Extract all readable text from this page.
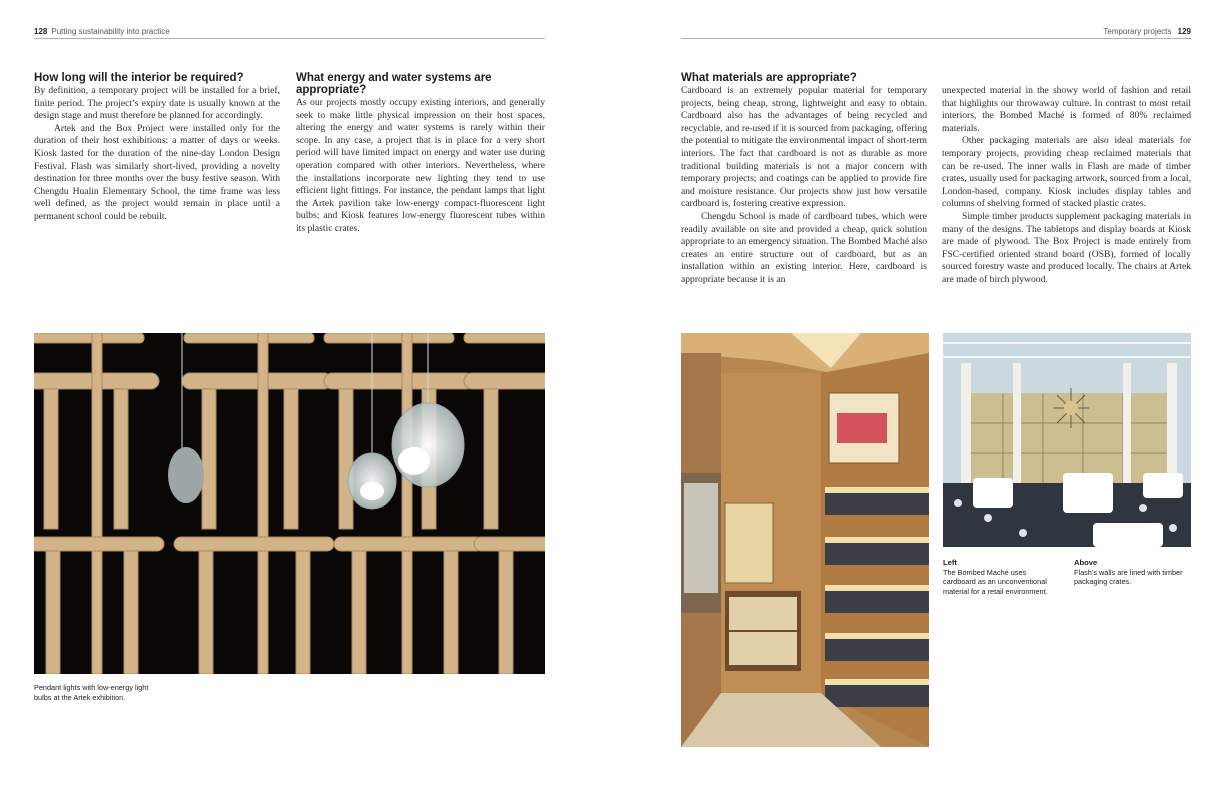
128 Putting sustainability into practice
How long will the interior be required?

By definition, a temporary project will be installed for a brief, finite period. The project’s expiry date is usually known at the design stage and must therefore be planned for accordingly.

Artek and the Box Project were installed only for the duration of their host exhibitions: a matter of days or weeks. Kiosk lasted for the duration of the nine-day London Design Festival. Flash was similarly short-lived, providing a novelty destination for three months over the busy festive season. With Chengdu Hualin Elementary School, the time frame was less well defined, as the project would remain in place until a permanent school could be rebuilt.

What energy and water systems are appropriate?

As our projects mostly occupy existing interiors, and generally seek to make little physical impression on their host spaces, altering the energy and water systems is rarely within their scope. In any case, a project that is in place for a very short period will have limited impact on energy and water use during operation compared with other interiors. Nevertheless, where the installations incorporate new lighting they tend to use efficient light fittings. For instance, the pendant lamps that light the Artek pavilion take low-energy compact-fluorescent light bulbs; and Kiosk features low-energy fluorescent tubes within its plastic crates.

Pendant lights with low-energy light bulbs at the Artek exhibition.
Temporary projects 129
What materials are appropriate?

Cardboard is an extremely popular material for temporary projects, being cheap, strong, lightweight and easy to obtain. Cardboard also has the advantages of being recycled and recyclable, and re-used if it is sourced from packaging, offering the potential to mitigate the environmental impact of short-term interiors. The fact that cardboard is not as durable as more traditional building materials is not a major concern with temporary projects; and coatings can be applied to provide fire and moisture resistance. Our projects show just how versatile cardboard is, fostering creative expression.

Chengdu School is made of cardboard tubes, which were readily available on site and provided a cheap, quick solution appropriate to an emergency situation. The Bombed Maché also creates an entire structure out of cardboard, but as an installation within an existing interior. Here, cardboard is appropriate because it is an

unexpected material in the showy world of fashion and retail that highlights our throwaway culture. In contrast to most retail interiors, the Bombed Maché is formed of 80% reclaimed materials.

Other packaging materials are also ideal materials for temporary projects, providing cheap reclaimed materials that can be re-used. The inner walls in Flash are made of timber crates, usually used for packaging artwork, sourced from a local, London-based, company. Kiosk includes display tables and columns of shelving formed of stacked plastic crates.

Simple timber products supplement packaging materials in many of the designs. The tabletops and display boards at Kiosk are made of plywood. The Box Project is made entirely from FSC-certified oriented strand board (OSB), formed of locally sourced forestry waste and produced locally. The chairs at Artek are made of birch plywood.

Left
The Bombed Maché uses cardboard as an unconventional material for a retail environment.
Above
Flash’s walls are lined with timber packaging crates.
